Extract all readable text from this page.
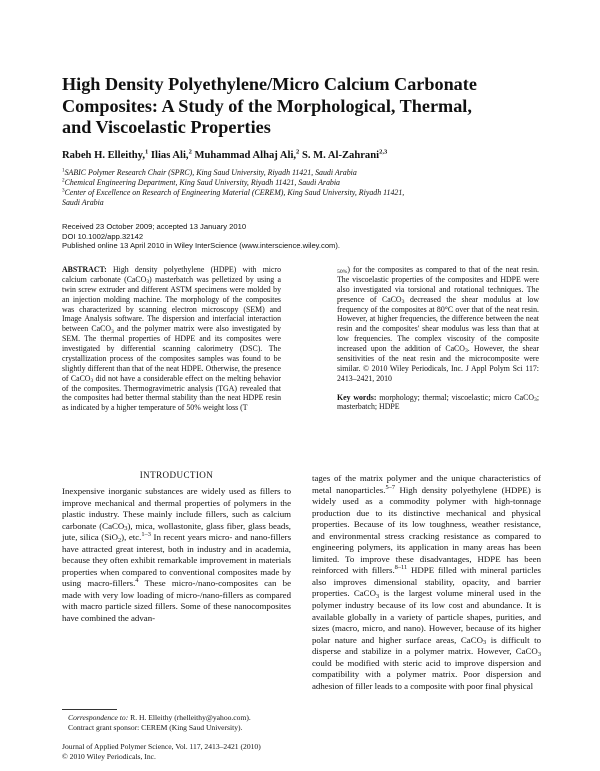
High Density Polyethylene/Micro Calcium Carbonate
Composites: A Study of the Morphological, Thermal,
and Viscoelastic Properties
Rabeh H. Elleithy,$^1$ Ilias Ali,$^2$ Muhammad Alhaj Ali,$^2$ S. M. Al-Zahrani$^{2,3}$
$^1$SABIC Polymer Research Chair (SPRC), King Saud University, Riyadh 11421, Saudi Arabia
$^2$Chemical Engineering Department, King Saud University, Riyadh 11421, Saudi Arabia
$^3$Center of Excellence on Research of Engineering Material (CEREM), King Saud University, Riyadh 11421,
Saudi Arabia
Received 23 October 2009; accepted 13 January 2010
DOI 10.1002/app.32142
Published online 13 April 2010 in Wiley InterScience (www.interscience.wiley.com).
ABSTRACT: High density polyethylene (HDPE) with micro calcium carbonate (CaCO$_3$) masterbatch was pelletized by using a twin screw extruder and different ASTM specimens were molded by an injection molding machine. The morphology of the composites was characterized by scanning electron microscopy (SEM) and Image Analysis software. The dispersion and interfacial interaction between CaCO$_3$ and the polymer matrix were also investigated by SEM. The thermal properties of HDPE and its composites were investigated by differential scanning calorimetry (DSC). The crystallization process of the composites samples was found to be slightly different than that of the neat HDPE. Otherwise, the presence of CaCO$_3$ did not have a considerable effect on the melting behavior of the composites. Thermogravimetric analysis (TGA) revealed that the composites had better thermal stability than the neat HDPE resin as indicated by a higher temperature of 50% weight loss (T
$_{50\%}$) for the composites as compared to that of the neat resin. The viscoelastic properties of the composites and HDPE were also investigated via torsional and rotational techniques. The presence of CaCO$_3$ decreased the shear modulus at low frequency of the composites at 80°C over that of the neat resin. However, at higher frequencies, the difference between the neat resin and the composites' shear modulus was less than that at low frequencies. The complex viscosity of the composite increased upon the addition of CaCO$_3$. However, the shear sensitivities of the neat resin and the microcomposite were similar. © 2010 Wiley Periodicals, Inc. J Appl Polym Sci 117: 2413–2421, 2010
Key words: morphology; thermal; viscoelastic; micro CaCO$_3$; masterbatch; HDPE
INTRODUCTION
Inexpensive inorganic substances are widely used as fillers to improve mechanical and thermal properties of polymers in the plastic industry. These mainly include fillers, such as calcium carbonate (CaCO$_3$), mica, wollastonite, glass fiber, glass beads, jute, silica (SiO$_2$), etc.$^{1-3}$ In recent years micro- and nano-fillers have attracted great interest, both in industry and in academia, because they often exhibit remarkable improvement in materials properties when compared to conventional composites made by using macro-fillers.$^4$ These micro-/nano-composites can be made with very low loading of micro-/nano-fillers as compared with macro particle sized fillers. Some of these nanocomposites have combined the advan-
tages of the matrix polymer and the unique characteristics of metal nanoparticles.$^{5-7}$ High density polyethylene (HDPE) is widely used as a commodity polymer with high-tonnage production due to its distinctive mechanical and physical properties. Because of its low toughness, weather resistance, and environmental stress cracking resistance as compared to engineering polymers, its application in many areas has been limited. To improve these disadvantages, HDPE has been reinforced with fillers.$^{8-11}$ HDPE filled with mineral particles also improves dimensional stability, opacity, and barrier properties. CaCO$_3$ is the largest volume mineral used in the polymer industry because of its low cost and abundance. It is available globally in a variety of particle shapes, purities, and sizes (macro, micro, and nano). However, because of its higher polar nature and higher surface areas, CaCO$_3$ is difficult to disperse and stabilize in a polymer matrix. However, CaCO$_3$ could be modified with steric acid to improve dispersion and compatibility with a polymer matrix. Poor dispersion and adhesion of filler leads to a composite with poor final physical
Correspondence to: R. H. Elleithy (rhelleithy@yahoo.com).
Contract grant sponsor: CEREM (King Saud University).
Journal of Applied Polymer Science, Vol. 117, 2413–2421 (2010)
© 2010 Wiley Periodicals, Inc.
